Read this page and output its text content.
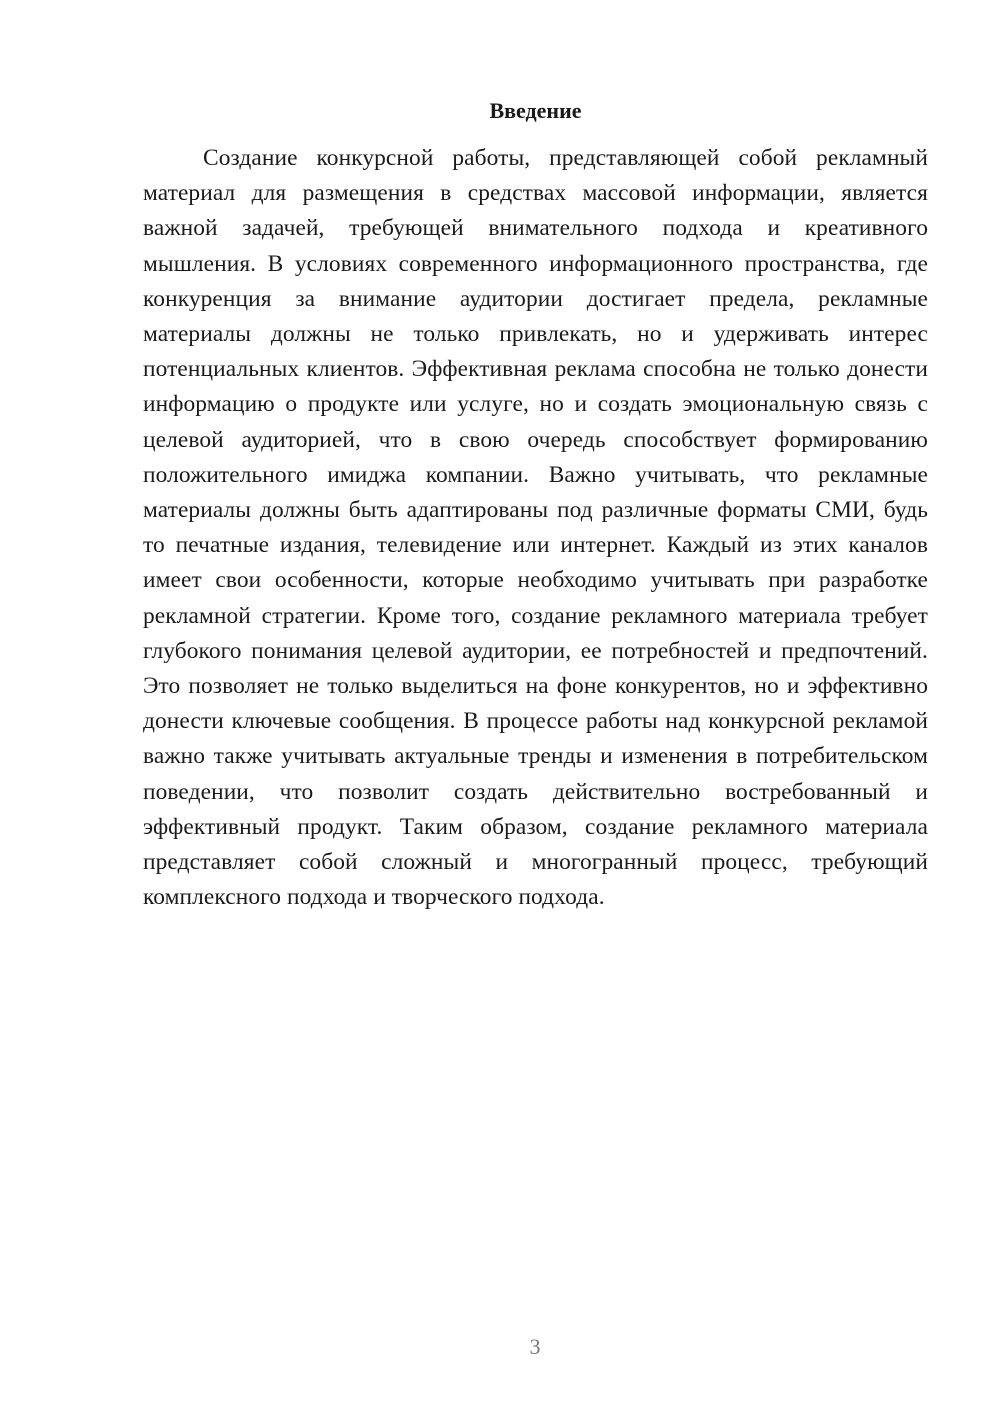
Введение

Создание конкурсной работы, представляющей собой рекламный материал для размещения в средствах массовой информации, является важной задачей, требующей внимательного подхода и креативного мышления. В условиях современного информационного пространства, где конкуренция за внимание аудитории достигает предела, рекламные материалы должны не только привлекать, но и удерживать интерес потенциальных клиентов. Эффективная реклама способна не только донести информацию о продукте или услуге, но и создать эмоциональную связь с целевой аудиторией, что в свою очередь способствует формированию положительного имиджа компании. Важно учитывать, что рекламные материалы должны быть адаптированы под различные форматы СМИ, будь то печатные издания, телевидение или интернет. Каждый из этих каналов имеет свои особенности, которые необходимо учитывать при разработке рекламной стратегии. Кроме того, создание рекламного материала требует глубокого понимания целевой аудитории, ее потребностей и предпочтений. Это позволяет не только выделиться на фоне конкурентов, но и эффективно донести ключевые сообщения. В процессе работы над конкурсной рекламой важно также учитывать актуальные тренды и изменения в потребительском поведении, что позволит создать действительно востребованный и эффективный продукт. Таким образом, создание рекламного материала представляет собой сложный и многогранный процесс, требующий комплексного подхода и творческого подхода.

3
